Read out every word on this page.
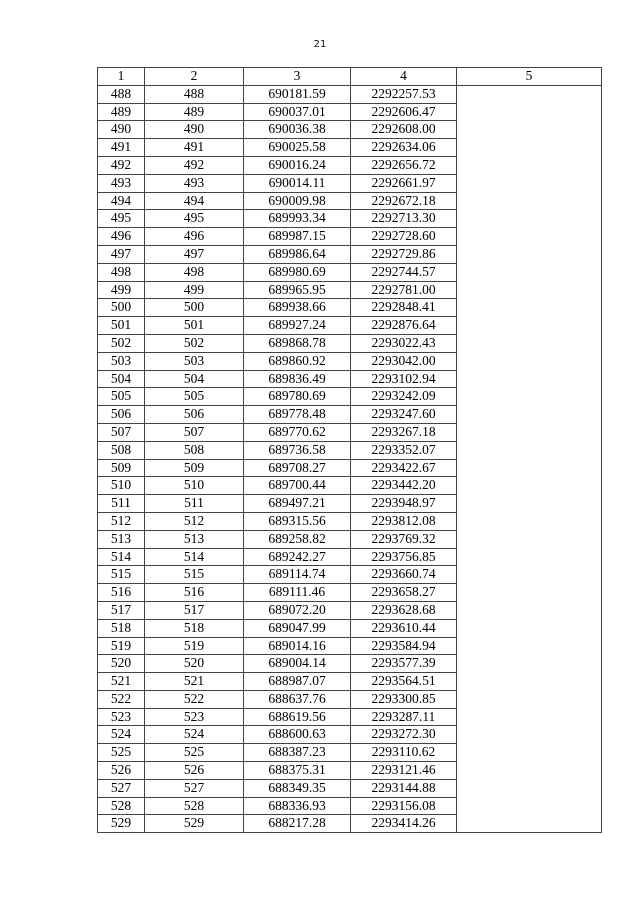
21
1	2	3	4	5
488	488	690181.59	2292257.53	
489	489	690037.01	2292606.47	
490	490	690036.38	2292608.00	
491	491	690025.58	2292634.06	
492	492	690016.24	2292656.72	
493	493	690014.11	2292661.97	
494	494	690009.98	2292672.18	
495	495	689993.34	2292713.30	
496	496	689987.15	2292728.60	
497	497	689986.64	2292729.86	
498	498	689980.69	2292744.57	
499	499	689965.95	2292781.00	
500	500	689938.66	2292848.41	
501	501	689927.24	2292876.64	
502	502	689868.78	2293022.43	
503	503	689860.92	2293042.00	
504	504	689836.49	2293102.94	
505	505	689780.69	2293242.09	
506	506	689778.48	2293247.60	
507	507	689770.62	2293267.18	
508	508	689736.58	2293352.07	
509	509	689708.27	2293422.67	
510	510	689700.44	2293442.20	
511	511	689497.21	2293948.97	
512	512	689315.56	2293812.08	
513	513	689258.82	2293769.32	
514	514	689242.27	2293756.85	
515	515	689114.74	2293660.74	
516	516	689111.46	2293658.27	
517	517	689072.20	2293628.68	
518	518	689047.99	2293610.44	
519	519	689014.16	2293584.94	
520	520	689004.14	2293577.39	
521	521	688987.07	2293564.51	
522	522	688637.76	2293300.85	
523	523	688619.56	2293287.11	
524	524	688600.63	2293272.30	
525	525	688387.23	2293110.62	
526	526	688375.31	2293121.46	
527	527	688349.35	2293144.88	
528	528	688336.93	2293156.08	
529	529	688217.28	2293414.26	
